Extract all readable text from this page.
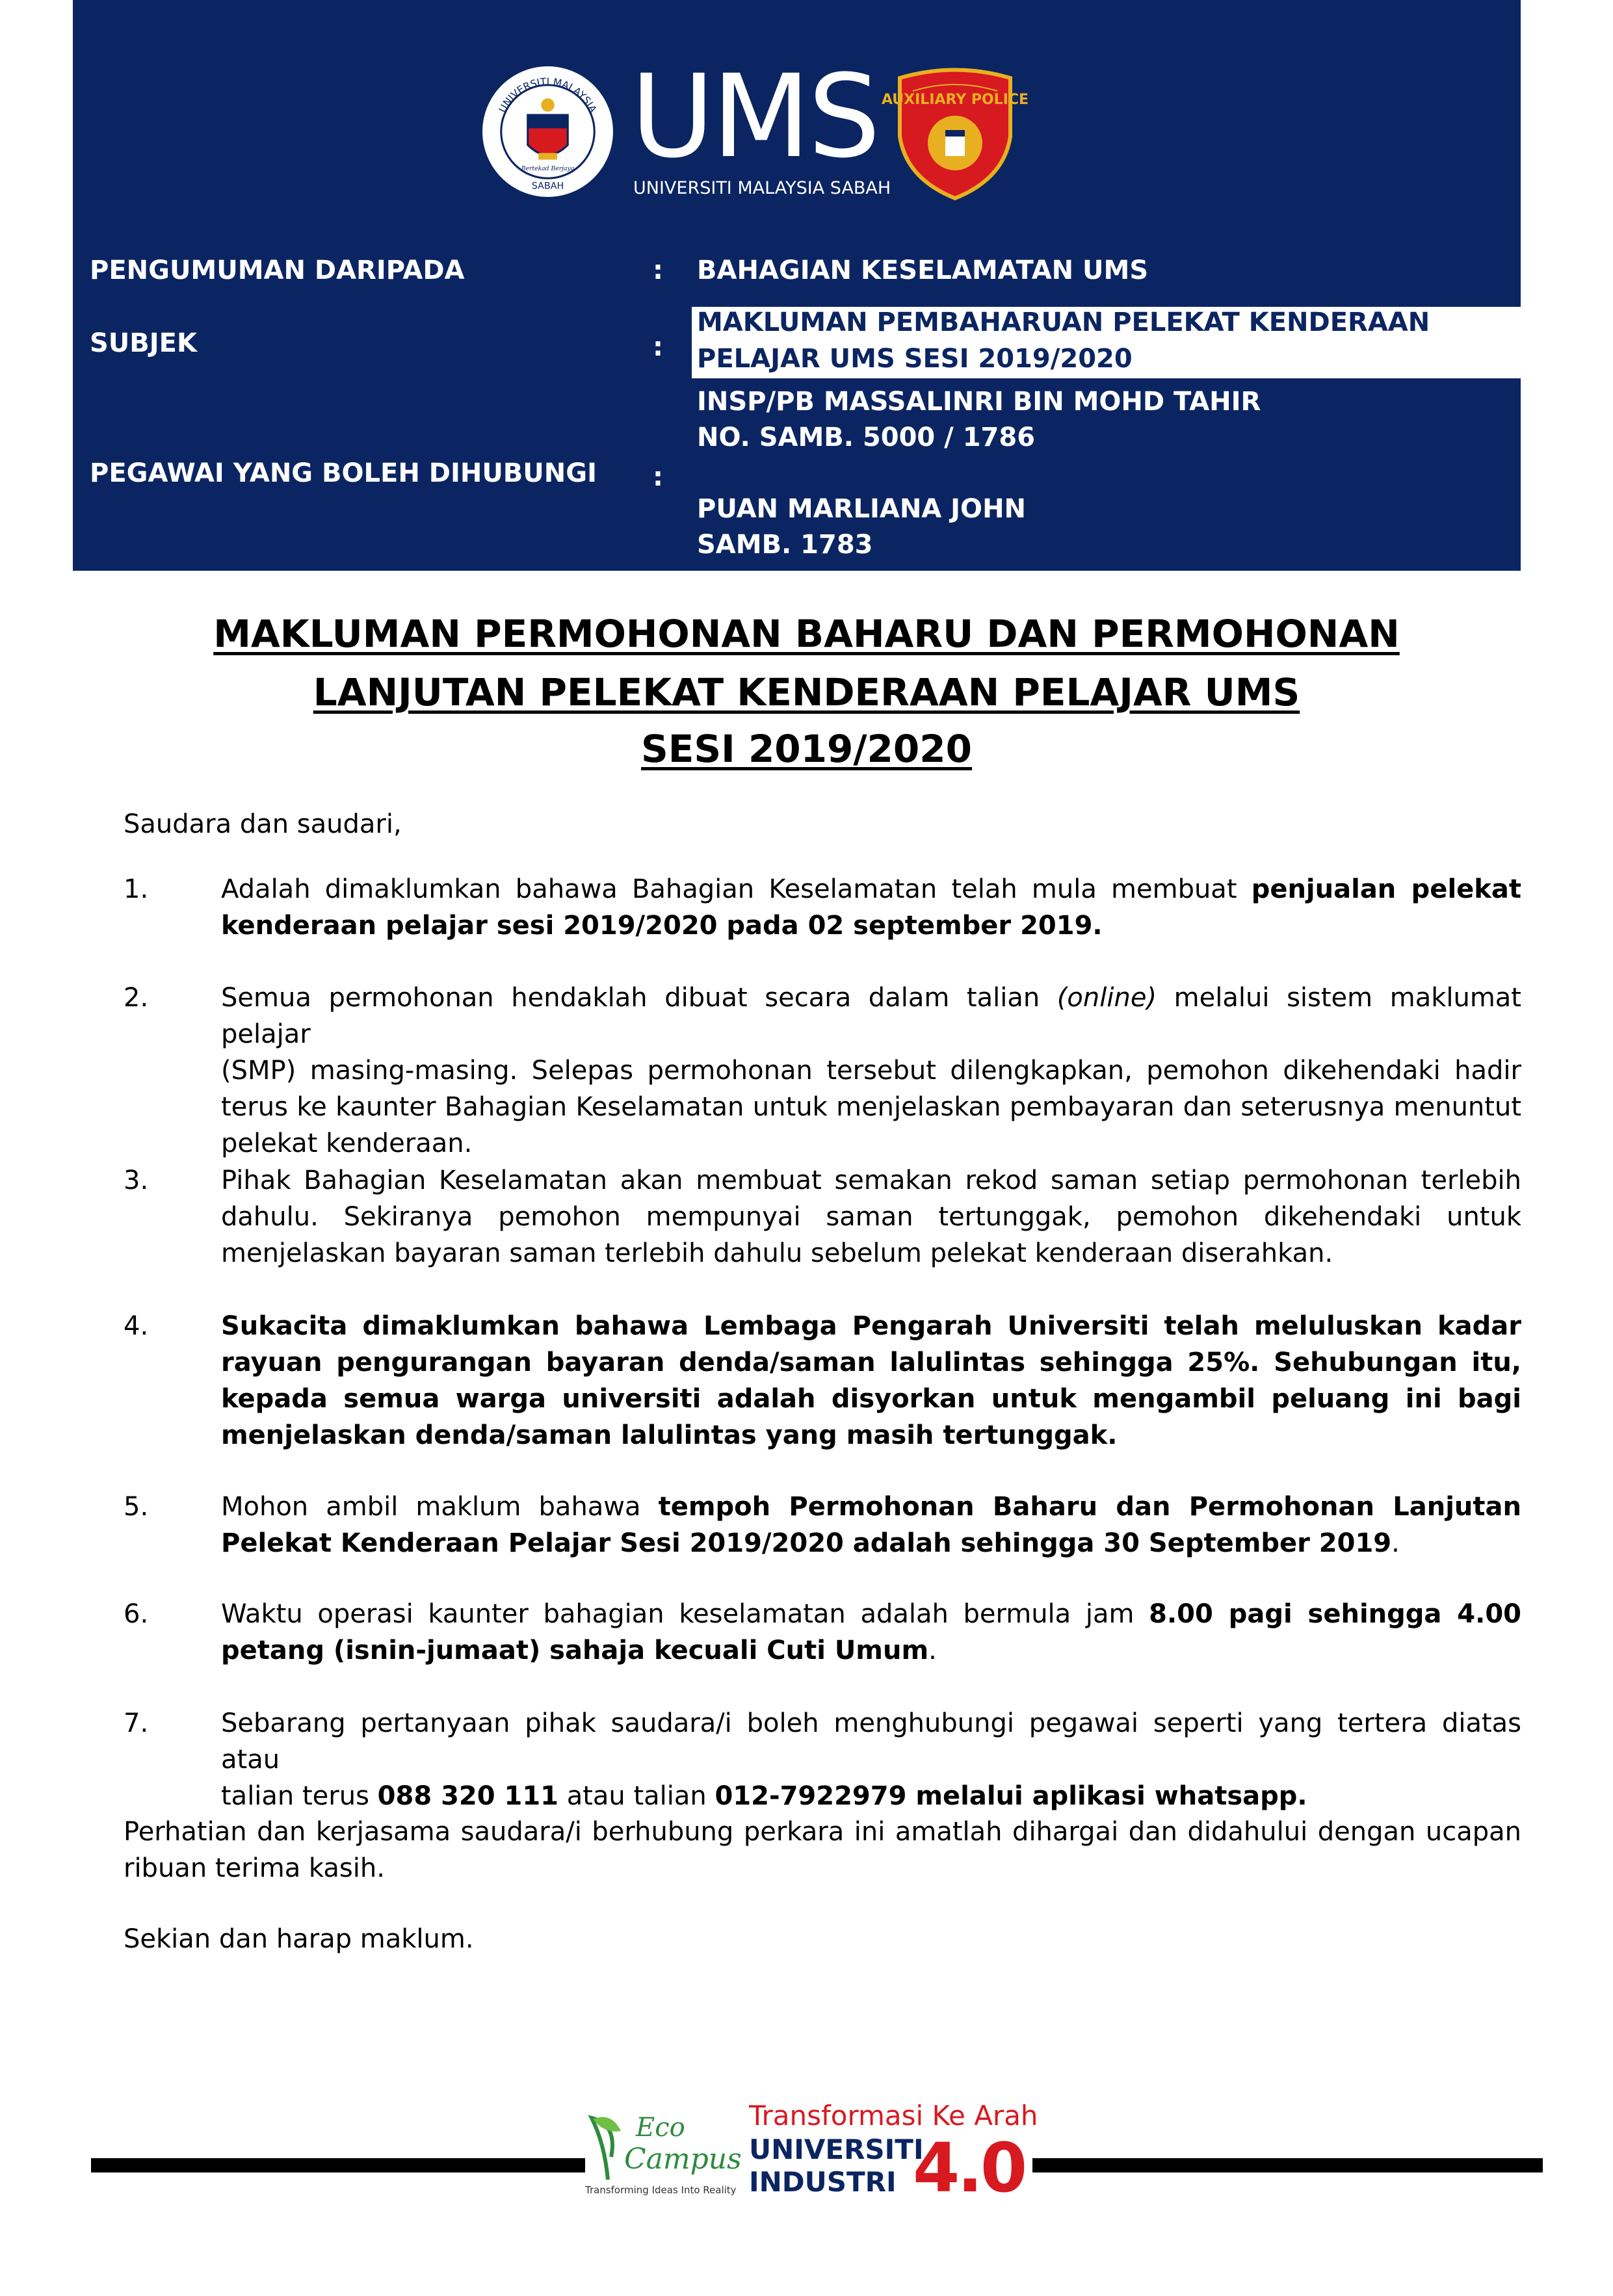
UNIVERSITI MALAYSIA
SABAH
Bertekad Berjaya UMS
UNIVERSITI MALAYSIA SABAH
AUXILIARY POLICE
PENGUMUMAN DARIPADA	: BAHAGIAN KESELAMATAN UMS
SUBJEK	:
MAKLUMAN PEMBAHARUAN PELEKAT KENDERAAN
PELAJAR UMS SESI 2019/2020
PEGAWAI YANG BOLEH DIHUBUNGI :
INSP/PB MASSALINRI BIN MOHD TAHIR
NO. SAMB. 5000 / 1786
PUAN MARLIANA JOHN
SAMB. 1783
MAKLUMAN PERMOHONAN BAHARU DAN PERMOHONAN
LANJUTAN PELEKAT KENDERAAN PELAJAR UMS
SESI 2019/2020
Saudara dan saudari,
1.	Adalah dimaklumkan bahawa Bahagian Keselamatan telah mula membuat penjualan pelekat
kenderaan pelajar sesi 2019/2020 pada 02 september 2019.
2.	Semua permohonan hendaklah dibuat secara dalam talian (online) melalui sistem maklumat pelajar
(SMP) masing-masing. Selepas permohonan tersebut dilengkapkan, pemohon dikehendaki hadir
terus ke kaunter Bahagian Keselamatan untuk menjelaskan pembayaran dan seterusnya menuntut
pelekat kenderaan.
3.	Pihak Bahagian Keselamatan akan membuat semakan rekod saman setiap permohonan terlebih
dahulu. Sekiranya pemohon mempunyai saman tertunggak, pemohon dikehendaki untuk
menjelaskan bayaran saman terlebih dahulu sebelum pelekat kenderaan diserahkan.
4.	Sukacita dimaklumkan bahawa Lembaga Pengarah Universiti telah meluluskan kadar
rayuan pengurangan bayaran denda/saman lalulintas sehingga 25%. Sehubungan itu,
kepada semua warga universiti adalah disyorkan untuk mengambil peluang ini bagi
menjelaskan denda/saman lalulintas yang masih tertunggak.
5.	Mohon ambil maklum bahawa tempoh Permohonan Baharu dan Permohonan Lanjutan
Pelekat Kenderaan Pelajar Sesi 2019/2020 adalah sehingga 30 September 2019.
6.	Waktu operasi kaunter bahagian keselamatan adalah bermula jam 8.00 pagi sehingga 4.00
petang (isnin-jumaat) sahaja kecuali Cuti Umum.
7.	Sebarang pertanyaan pihak saudara/i boleh menghubungi pegawai seperti yang tertera diatas atau
talian terus 088 320 111 atau talian 012-7922979 melalui aplikasi whatsapp.
Perhatian dan kerjasama saudara/i berhubung perkara ini amatlah dihargai dan didahului dengan ucapan
ribuan terima kasih.
Sekian dan harap maklum.
Eco
Campus
Transforming Ideas Into Reality
Transformasi Ke Arah
UNIVERSITI
INDUSTRI 4.0
